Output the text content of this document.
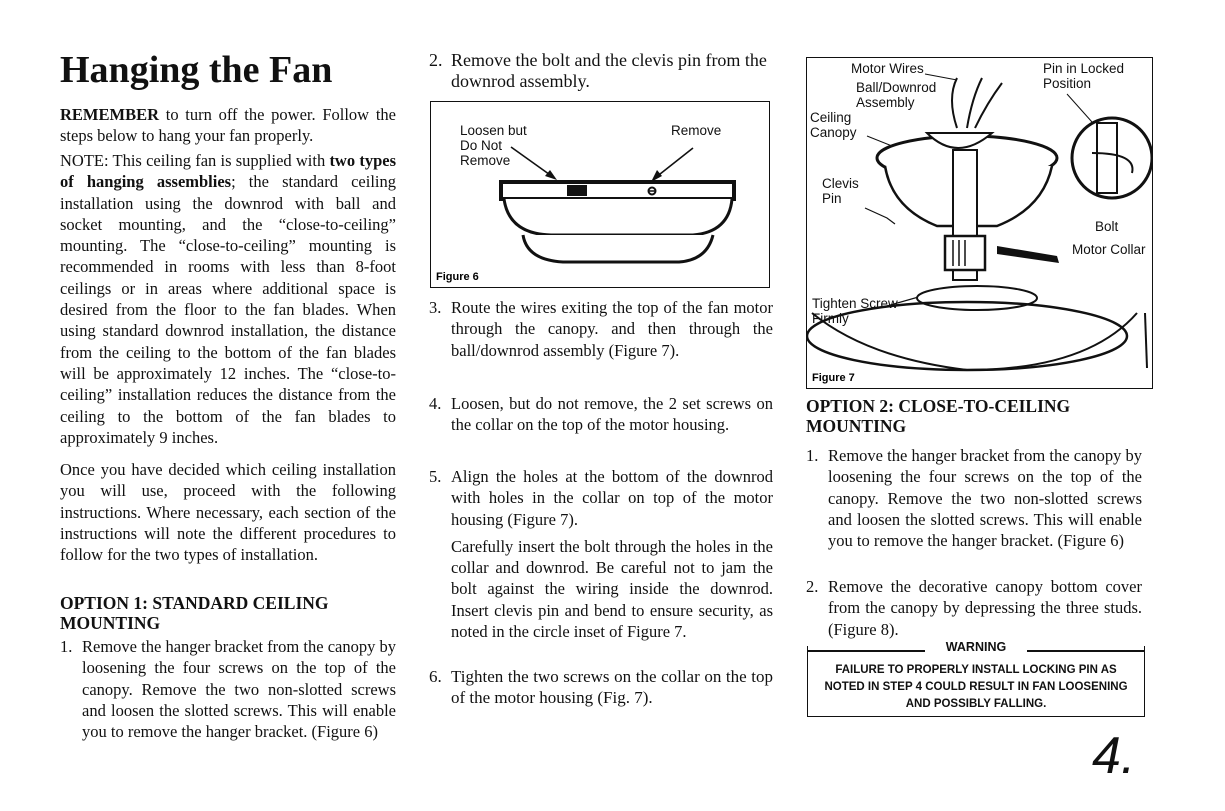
Hanging the Fan

REMEMBER to turn off the power. Follow the steps below to hang your fan properly.

NOTE: This ceiling fan is supplied with two types of hanging assemblies; the standard ceiling installation using the downrod with ball and socket mounting, and the “close-to-ceiling” mounting. The “close-to-ceiling” mounting is recommended in rooms with less than 8-foot ceilings or in areas where additional space is desired from the floor to the fan blades. When using standard downrod installation, the distance from the ceiling to the bottom of the fan blades will be approximately 12 inches. The “close-to-ceiling” installation reduces the distance from the ceiling to the bottom of the fan blades to approximately 9 inches.

Once you have decided which ceiling installation you will use, proceed with the following instructions. Where necessary, each section of the instructions will note the different procedures to follow for the two types of installation.

OPTION 1: STANDARD CEILING MOUNTING
1. Remove the hanger bracket from the canopy by loosening the four screws on the top of the canopy. Remove the two non-slotted screws and loosen the slotted screws. This will enable you to remove the hanger bracket. (Figure 6)

2. Remove the bolt and the clevis pin from the downrod assembly.

Loosen but
Do Not
Remove
Remove
Figure 6
3. Route the wires exiting the top of the fan motor through the canopy. and then through the ball/downrod assembly (Figure 7).

4. Loosen, but do not remove, the 2 set screws on the collar on the top of the motor housing.

5. Align the holes at the bottom of the downrod with holes in the collar on top of the motor housing (Figure 7).

Carefully insert the bolt through the holes in the collar and downrod. Be careful not to jam the bolt against the wiring inside the downrod. Insert clevis pin and bend to ensure security, as noted in the circle inset of Figure 7.

6. Tighten the two screws on the collar on the top of the motor housing (Fig. 7).

Motor Wires
Ball/Downrod
Assembly
Ceiling
Canopy
Pin in Locked
Position
Clevis
Pin
Bolt
Motor Collar
Tighten Screw
Firmly
Figure 7
OPTION 2: CLOSE-TO-CEILING MOUNTING
1. Remove the hanger bracket from the canopy by loosening the four screws on the top of the canopy. Remove the two non-slotted screws and loosen the slotted screws. This will enable you to remove the hanger bracket. (Figure 6)

2. Remove the decorative canopy bottom cover from the canopy by depressing the three studs. (Figure 8).

WARNING
FAILURE TO PROPERLY INSTALL LOCKING PIN AS NOTED IN STEP 4 COULD RESULT IN FAN LOOSENING AND POSSIBLY FALLING.
4.
